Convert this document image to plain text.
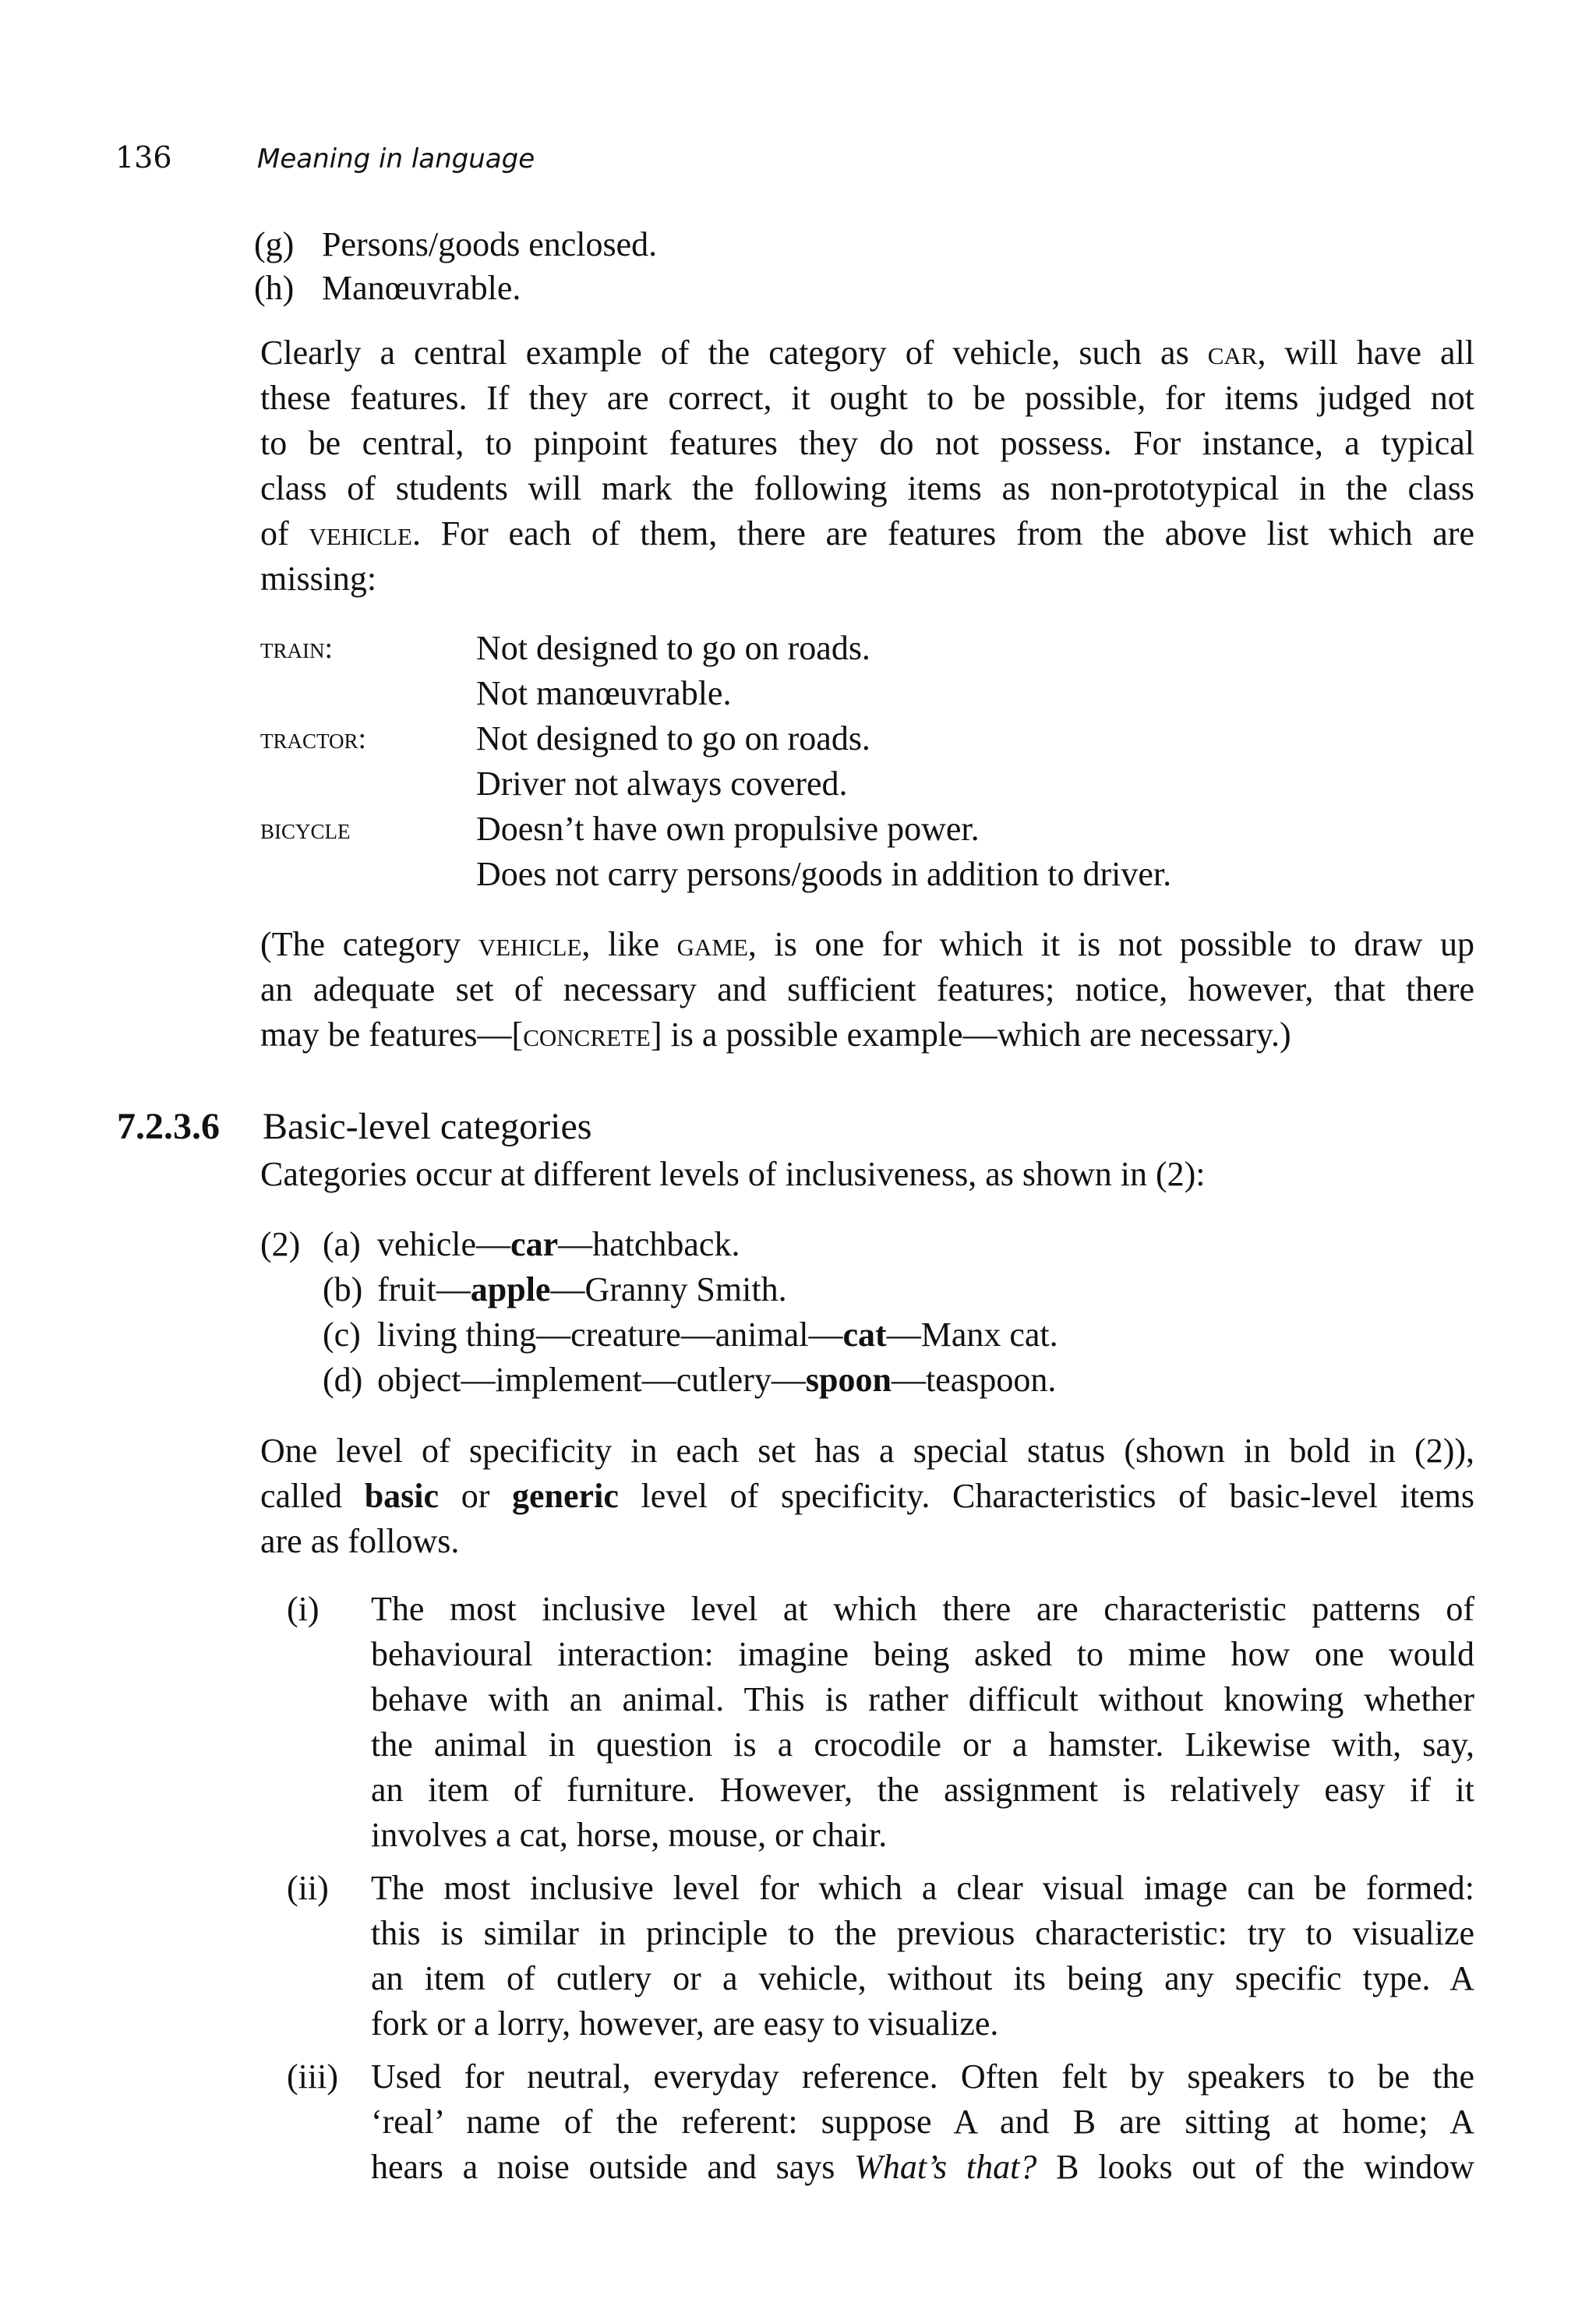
136	Meaning in language
(g) Persons/goods enclosed.
(h) Manœuvrable.
Clearly a central example of the category of vehicle, such as car, will have all
these features. If they are correct, it ought to be possible, for items judged not
to be central, to pinpoint features they do not possess. For instance, a typical
class of students will mark the following items as non-prototypical in the class
of vehicle. For each of them, there are features from the above list which are
missing:
train:	Not designed to go on roads.
Not manœuvrable.
tractor:	Not designed to go on roads.
Driver not always covered.
bicycle	Doesn’t have own propulsive power.
Does not carry persons/goods in addition to driver.
(The category vehicle, like game, is one for which it is not possible to draw up
an adequate set of necessary and sufficient features; notice, however, that there
may be features—[concrete] is a possible example—which are necessary.)
7.2.3.6 Basic-level categories
Categories occur at different levels of inclusiveness, as shown in (2):
(2) (a) vehicle—car—hatchback.
(b) fruit—apple—Granny Smith.
(c) living thing—creature—animal—cat—Manx cat.
(d) object—implement—cutlery—spoon—teaspoon.
One level of specificity in each set has a special status (shown in bold in (2)),
called basic or generic level of specificity. Characteristics of basic-level items
are as follows.
(i) The most inclusive level at which there are characteristic patterns of
behavioural interaction: imagine being asked to mime how one would
behave with an animal. This is rather difficult without knowing whether
the animal in question is a crocodile or a hamster. Likewise with, say,
an item of furniture. However, the assignment is relatively easy if it
involves a cat, horse, mouse, or chair.
(ii) The most inclusive level for which a clear visual image can be formed:
this is similar in principle to the previous characteristic: try to visualize
an item of cutlery or a vehicle, without its being any specific type. A
fork or a lorry, however, are easy to visualize.
(iii) Used for neutral, everyday reference. Often felt by speakers to be the
‘real’ name of the referent: suppose A and B are sitting at home; A
hears a noise outside and says What’s that? B looks out of the window
